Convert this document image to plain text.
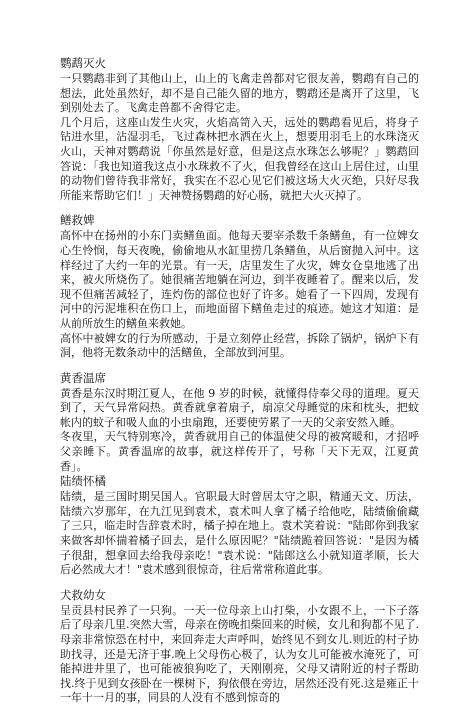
鹦鹉灭火

一只鹦鹉非到了其他山上，山上的飞禽走兽都对它很友善，鹦鹉有自己的想法，此处虽然好，却不是自己能久留的地方，鹦鹉还是离开了这里，飞到别处去了。飞禽走兽都不舍得它走。

几个月后，这座山发生火灾，火焰高笥入天，远处的鹦鹉看见后，将身子钻进水里，沾湿羽毛，飞过森林把水洒在火上，想要用羽毛上的水珠浇灭火山，天神对鹦鹉说「你虽然是好意，但是这点水珠怎么够呢？」鹦鹉回答说：「我也知道我这点小水珠救不了火，但我曾经在这山上居住过，山里的动物们曾待我非常好，我实在不忍心见它们被这场大火灭绝，只好尽我所能来帮助它们！」天神赞扬鹦鹉的好心肠，就把大火灭掉了。

鳝救婢

高怀中在扬州的小东门卖鳝鱼面。他每天要宰杀数千条鳝鱼，有一位婢女心生怜悯，每天夜晚，偷偷地从水缸里捞几条鳝鱼，从后窗抛入河中。这样经过了大约一年的光景。有一天，店里发生了火灾，婢女仓皇地逃了出来，被火所烧伤了。她很痛苦地躺在河边，到半夜睡着了。醒来以后，发现不但痛苦减轻了，连灼伤的部位也好了许多。她看了一下四周，发现有河中的污泥堆积在伤口上，而地面留下鳝鱼走过的痕迹。她这才知道：是从前所放生的鳝鱼来救她。

高怀中被婢女的行为所感动，于是立刻停止经营，拆除了锅炉，锅炉下有洞，他将无数条动中的活鳝鱼，全部放到河里。

黄香温席

黄香是东汉时期江夏人，在他 9 岁的时候，就懂得侍奉父母的道理。夏天到了，天气异常闷热。黄香就拿着扇子，扇凉父母睡觉的床和枕头，把蚊帐内的蚊子和吸人血的小虫扇跑，还要使劳累了一天的父亲安然入睡。

冬夜里，天气特别寒冷，黄香就用自己的体温使父母的被窝暖和，才招呼父亲睡下。黄香温席的故事，就这样传开了，号称「天下无双，江夏黄香」。

陆绩怀橘

陆绩，是三国时期吴国人。官职最大时曾居太守之职，精通天文、历法，陆绩六岁那年，在九江见到袁术，袁术叫人拿了橘子给他吃，陆绩偷偷藏了三只，临走时告辞袁术时，橘子掉在地上。袁术笑着说："陆郎你到我家来做客却怀揣着橘子回去，是什么原因呢？"陆绩跪着回答说："是因为橘子很甜，想拿回去给我母亲吃！"袁术说："陆郎这么小就知道孝顺，长大后必然成大才！"袁术感到很惊奇，往后常常称道此事。

犬救幼女

呈贡县村民养了一只狗。一天一位母亲上山打柴，小女跟不上，一下子落后了母亲几里.突然大雪，母亲在傍晚扣柴回来的时候，女儿和狗都不见了.母亲非常惊恐在村中，来回奔走大声呼叫，始终见不到女儿.则近的村子协助找寻，还是无济于事.晚上父母伤心极了，认为女儿可能被水淹死了，可能掉进井里了，也可能被狼狗吃了，天刚刚亮，父母又请附近的村子帮助找.终于见到女孩卧在一棵树下，狗依偎在旁边，居然还没有死.这是雍正十一年十一月的事，同县的人没有不感到惊奇的
